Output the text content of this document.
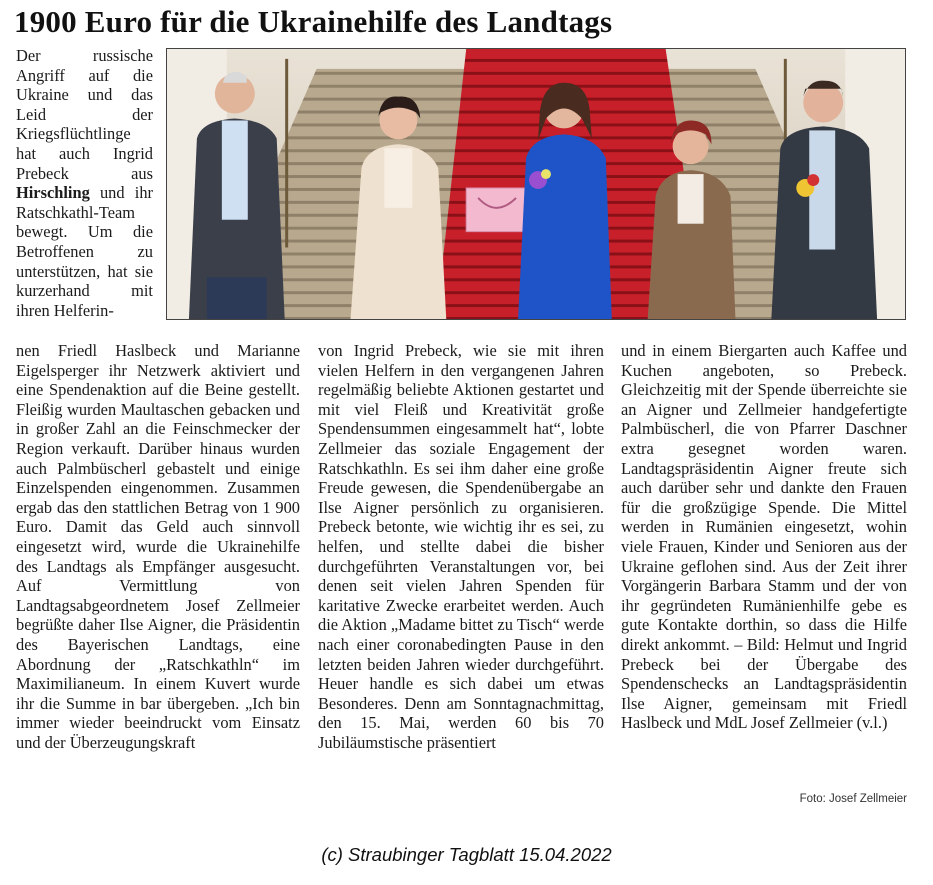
1900 Euro für die Ukrainehilfe des Landtags

Der russische Angriff auf die Ukraine und das Leid der Kriegsflüchtlinge hat auch Ingrid Prebeck aus Hirschling und ihr Ratschkathl-Team bewegt. Um die Betroffenen zu unterstützen, hat sie kurzerhand mit ihren Helferin-

nen Friedl Haslbeck und Marianne Eigelsperger ihr Netzwerk aktiviert und eine Spendenaktion auf die Beine gestellt. Fleißig wurden Maultaschen gebacken und in großer Zahl an die Feinschmecker der Region verkauft. Darüber hinaus wurden auch Palmbüscherl gebastelt und einige Einzelspenden eingenommen. Zusammen ergab das den stattlichen Betrag von 1 900 Euro. Damit das Geld auch sinnvoll eingesetzt wird, wurde die Ukrainehilfe des Landtags als Empfänger ausgesucht. Auf Vermittlung von Landtagsabgeordnetem Josef Zellmeier begrüßte daher Ilse Aigner, die Präsidentin des Bayerischen Landtags, eine Abordnung der „Ratschkathln“ im Maximilianeum. In einem Kuvert wurde ihr die Summe in bar übergeben. „Ich bin immer wieder beeindruckt vom Einsatz und der Überzeugungskraft

von Ingrid Prebeck, wie sie mit ihren vielen Helfern in den vergangenen Jahren regelmäßig beliebte Aktionen gestartet und mit viel Fleiß und Kreativität große Spendensummen eingesammelt hat“, lobte Zellmeier das soziale Engagement der Ratschkathln. Es sei ihm daher eine große Freude gewesen, die Spendenübergabe an Ilse Aigner persönlich zu organisieren. Prebeck betonte, wie wichtig ihr es sei, zu helfen, und stellte dabei die bisher durchgeführten Veranstaltungen vor, bei denen seit vielen Jahren Spenden für karitative Zwecke erarbeitet werden. Auch die Aktion „Madame bittet zu Tisch“ werde nach einer coronabedingten Pause in den letzten beiden Jahren wieder durchgeführt. Heuer handle es sich dabei um etwas Besonderes. Denn am Sonntagnachmittag, den 15. Mai, werden 60 bis 70 Jubiläumstische präsentiert

und in einem Biergarten auch Kaffee und Kuchen angeboten, so Prebeck. Gleichzeitig mit der Spende überreichte sie an Aigner und Zellmeier handgefertigte Palmbüscherl, die von Pfarrer Daschner extra gesegnet worden waren. Landtagspräsidentin Aigner freute sich auch darüber sehr und dankte den Frauen für die großzügige Spende. Die Mittel werden in Rumänien eingesetzt, wohin viele Frauen, Kinder und Senioren aus der Ukraine geflohen sind. Aus der Zeit ihrer Vorgängerin Barbara Stamm und der von ihr gegründeten Rumänienhilfe gebe es gute Kontakte dorthin, so dass die Hilfe direkt ankommt. – Bild: Helmut und Ingrid Prebeck bei der Übergabe des Spendenschecks an Landtagspräsidentin Ilse Aigner, gemeinsam mit Friedl Haslbeck und MdL Josef Zellmeier (v.l.)

Foto: Josef Zellmeier
(c) Straubinger Tagblatt 15.04.2022
